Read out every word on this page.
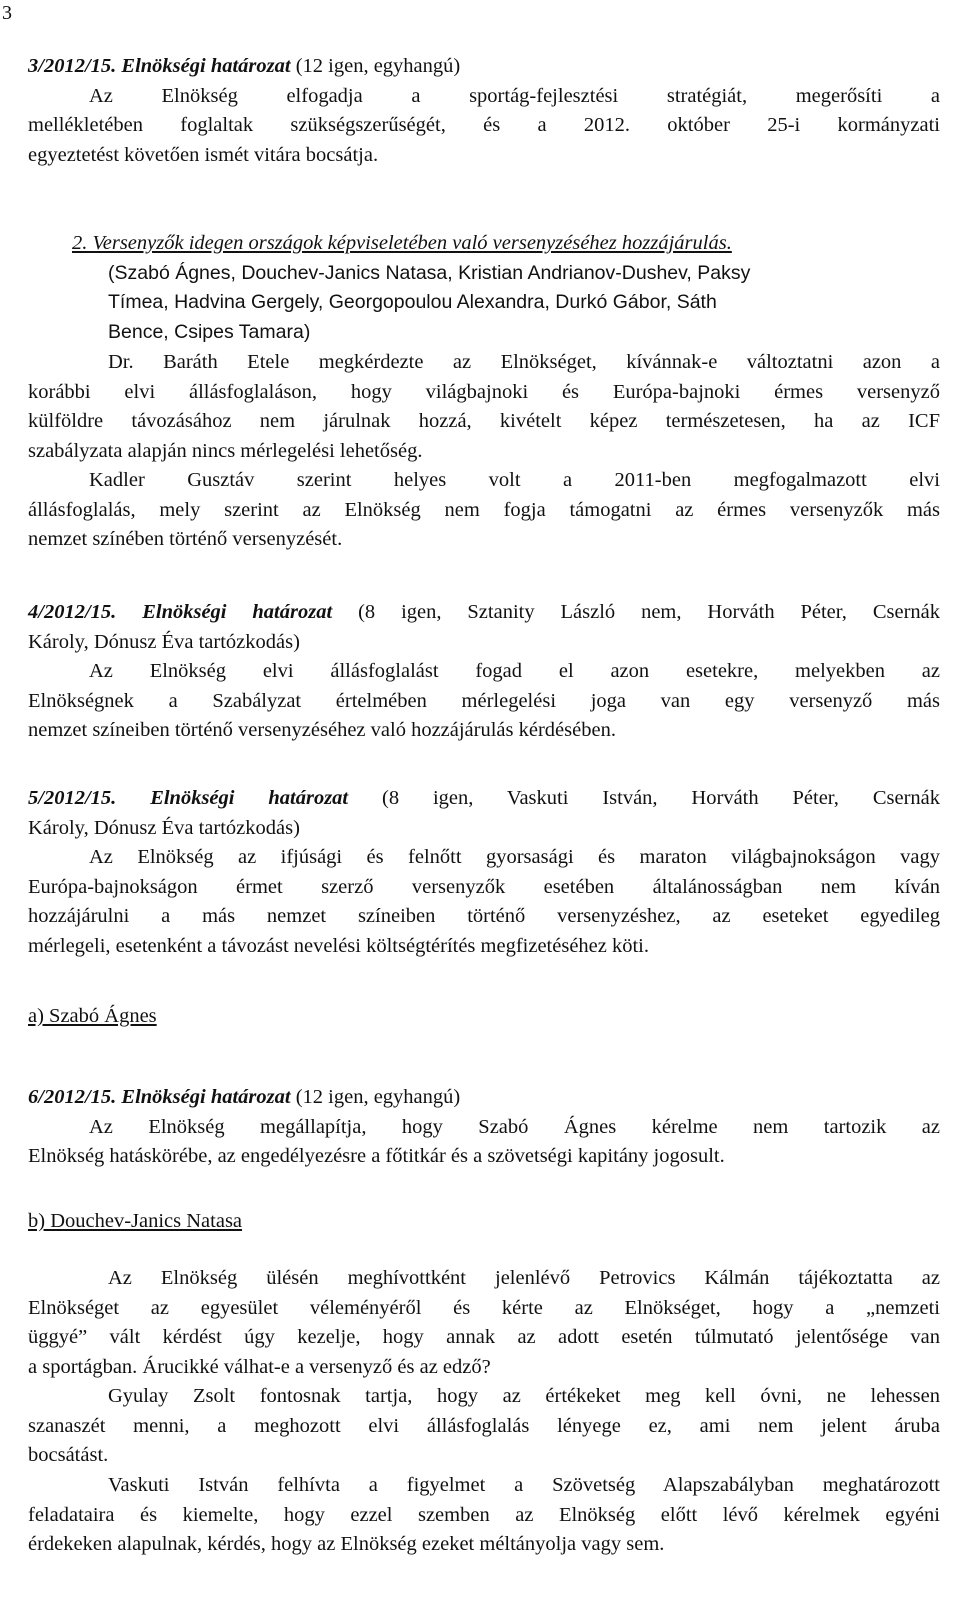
3
3/2012/15. Elnökségi határozat (12 igen, egyhangú)
Az Elnökség elfogadja a sportág-fejlesztési stratégiát, megerősíti a
mellékletében foglaltak szükségszerűségét, és a 2012. október 25-i kormányzati
egyeztetést követően ismét vitára bocsátja.
2. Versenyzők idegen országok képviseletében való versenyzéséhez hozzájárulás.
(Szabó Ágnes, Douchev-Janics Natasa, Kristian Andrianov-Dushev, Paksy
Tímea, Hadvina Gergely, Georgopoulou Alexandra, Durkó Gábor, Sáth
Bence, Csipes Tamara)
Dr. Baráth Etele megkérdezte az Elnökséget, kívánnak-e változtatni azon a
korábbi elvi állásfoglaláson, hogy világbajnoki és Európa-bajnoki érmes versenyző
külföldre távozásához nem járulnak hozzá, kivételt képez természetesen, ha az ICF
szabályzata alapján nincs mérlegelési lehetőség.
Kadler Gusztáv szerint helyes volt a 2011-ben megfogalmazott elvi
állásfoglalás, mely szerint az Elnökség nem fogja támogatni az érmes versenyzők más
nemzet színében történő versenyzését.
4/2012/15. Elnökségi határozat (8 igen, Sztanity László nem, Horváth Péter, Csernák
Károly, Dónusz Éva tartózkodás)
Az Elnökség elvi állásfoglalást fogad el azon esetekre, melyekben az
Elnökségnek a Szabályzat értelmében mérlegelési joga van egy versenyző más
nemzet színeiben történő versenyzéséhez való hozzájárulás kérdésében.
5/2012/15. Elnökségi határozat (8 igen, Vaskuti István, Horváth Péter, Csernák
Károly, Dónusz Éva tartózkodás)
Az Elnökség az ifjúsági és felnőtt gyorsasági és maraton világbajnokságon vagy
Európa-bajnokságon érmet szerző versenyzők esetében általánosságban nem kíván
hozzájárulni a más nemzet színeiben történő versenyzéshez, az eseteket egyedileg
mérlegeli, esetenként a távozást nevelési költségtérítés megfizetéséhez köti.
a) Szabó Ágnes
6/2012/15. Elnökségi határozat (12 igen, egyhangú)
Az Elnökség megállapítja, hogy Szabó Ágnes kérelme nem tartozik az
Elnökség hatáskörébe, az engedélyezésre a főtitkár és a szövetségi kapitány jogosult.
b) Douchev-Janics Natasa
Az Elnökség ülésén meghívottként jelenlévő Petrovics Kálmán tájékoztatta az
Elnökséget az egyesület véleményéről és kérte az Elnökséget, hogy a „nemzeti
üggyé” vált kérdést úgy kezelje, hogy annak az adott esetén túlmutató jelentősége van
a sportágban. Árucikké válhat-e a versenyző és az edző?
Gyulay Zsolt fontosnak tartja, hogy az értékeket meg kell óvni, ne lehessen
szanaszét menni, a meghozott elvi állásfoglalás lényege ez, ami nem jelent áruba
bocsátást.
Vaskuti István felhívta a figyelmet a Szövetség Alapszabályban meghatározott
feladataira és kiemelte, hogy ezzel szemben az Elnökség előtt lévő kérelmek egyéni
érdekeken alapulnak, kérdés, hogy az Elnökség ezeket méltányolja vagy sem.
